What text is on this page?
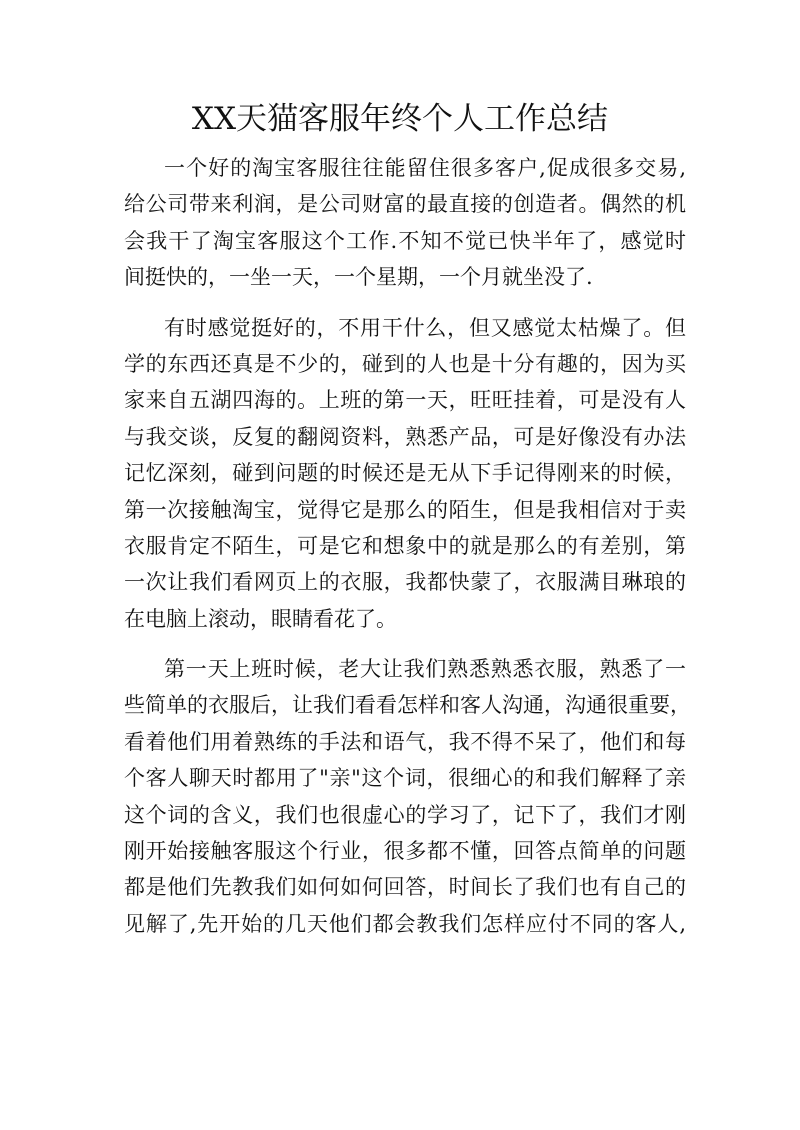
XX天猫客服年终个人工作总结
一个好的淘宝客服往往能留住很多客户,促成很多交易,
给公司带来利润，是公司财富的最直接的创造者。偶然的机
会我干了淘宝客服这个工作.不知不觉已快半年了，感觉时
间挺快的，一坐一天，一个星期，一个月就坐没了.
有时感觉挺好的，不用干什么，但又感觉太枯燥了。但
学的东西还真是不少的，碰到的人也是十分有趣的，因为买
家来自五湖四海的。上班的第一天，旺旺挂着，可是没有人
与我交谈，反复的翻阅资料，熟悉产品，可是好像没有办法
记忆深刻，碰到问题的时候还是无从下手记得刚来的时候，
第一次接触淘宝，觉得它是那么的陌生，但是我相信对于卖
衣服肯定不陌生，可是它和想象中的就是那么的有差别，第
一次让我们看网页上的衣服，我都快蒙了，衣服满目琳琅的
在电脑上滚动，眼睛看花了。
第一天上班时候，老大让我们熟悉熟悉衣服，熟悉了一
些简单的衣服后，让我们看看怎样和客人沟通，沟通很重要，
看着他们用着熟练的手法和语气，我不得不呆了，他们和每
个客人聊天时都用了"亲"这个词，很细心的和我们解释了亲
这个词的含义，我们也很虚心的学习了，记下了，我们才刚
刚开始接触客服这个行业，很多都不懂，回答点简单的问题
都是他们先教我们如何如何回答，时间长了我们也有自己的
见解了,先开始的几天他们都会教我们怎样应付不同的客人,
